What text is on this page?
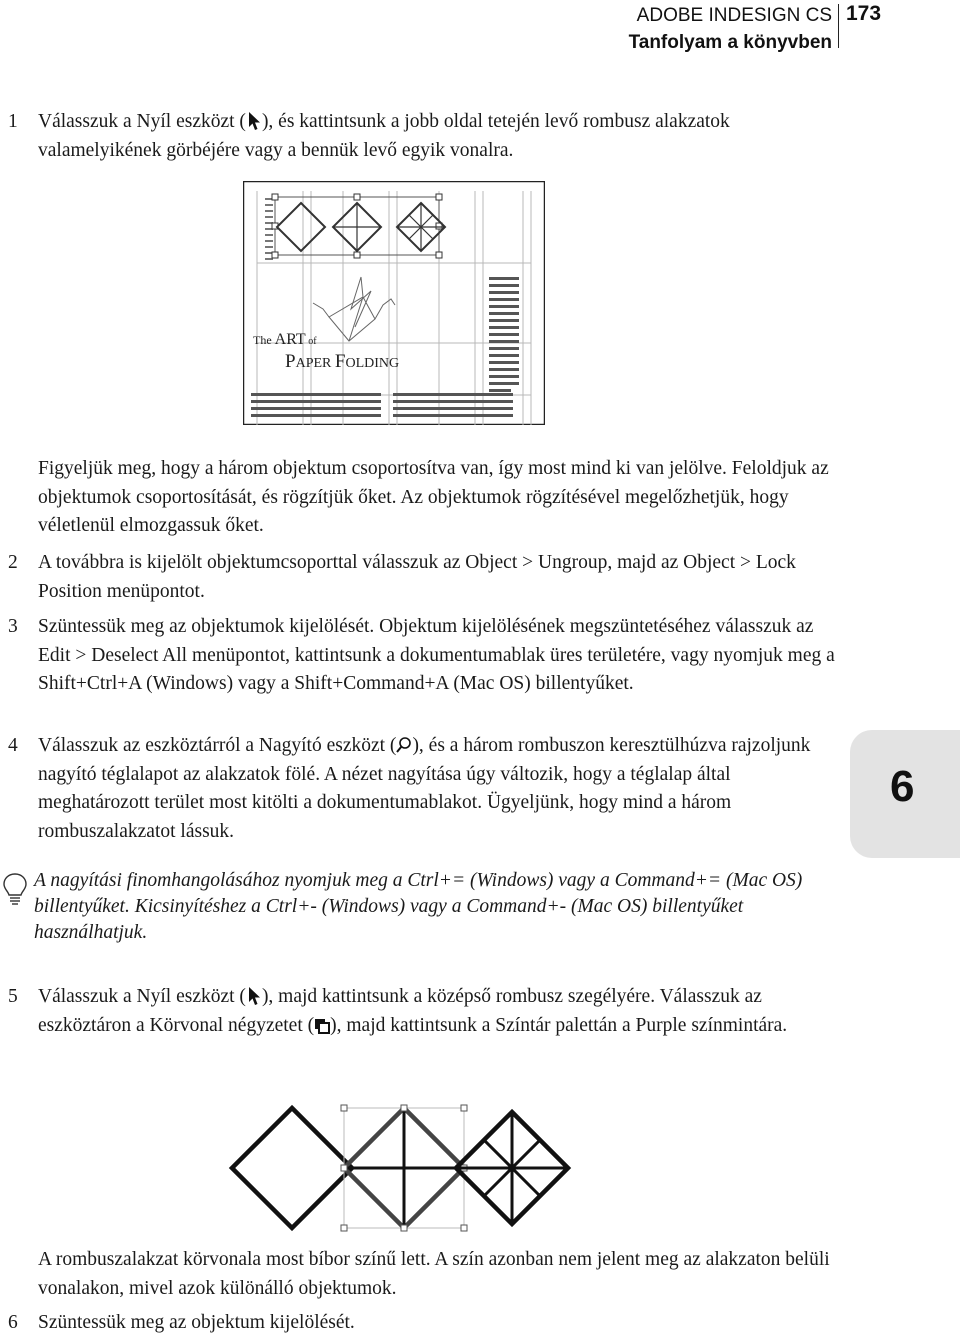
ADOBE INDESIGN CS
Tanfolyam a könyvben
173
1 Válasszuk a Nyíl eszközt ( ), és kattintsunk a jobb oldal tetején levő rombusz alakzatok valamelyikének görbéjére vagy a bennük levő egyik vonalra.
The ART of
PAPER FOLDING
Figyeljük meg, hogy a három objektum csoportosítva van, így most mind ki van jelölve. Feloldjuk az objektumok csoportosítását, és rögzítjük őket. Az objektumok rögzítésével megelőzhetjük, hogy véletlenül elmozgassuk őket.
2 A továbbra is kijelölt objektumcsoporttal válasszuk az Object > Ungroup, majd az Object > Lock Position menüpontot.
3 Szüntessük meg az objektumok kijelölését. Objektum kijelölésének megszüntetéséhez válasszuk az Edit > Deselect All menüpontot, kattintsunk a dokumentumablak üres területére, vagy nyomjuk meg a Shift+Ctrl+A (Windows) vagy a Shift+Command+A (Mac OS) billentyűket.
4 Válasszuk az eszköztárról a Nagyító eszközt ( ), és a három rombuszon keresztülhúzva rajzoljunk nagyító téglalapot az alakzatok fölé. A nézet nagyítása úgy változik, hogy a téglalap által meghatározott terület most kitölti a dokumentumablakot. Ügyeljünk, hogy mind a három rombuszalakzatot lássuk.
6
A nagyítási finomhangolásához nyomjuk meg a Ctrl+= (Windows) vagy a Command+= (Mac OS) billentyűket. Kicsinyítéshez a Ctrl+- (Windows) vagy a Command+- (Mac OS) billentyűket használhatjuk.
5 Válasszuk a Nyíl eszközt ( ), majd kattintsunk a középső rombusz szegélyére. Válasszuk az eszköztáron a Körvonal négyzetet ( ), majd kattintsunk a Színtár palettán a Purple színmintára.
A rombuszalakzat körvonala most bíbor színű lett. A szín azonban nem jelent meg az alakzaton belüli vonalakon, mivel azok különálló objektumok.
6 Szüntessük meg az objektum kijelölését.
